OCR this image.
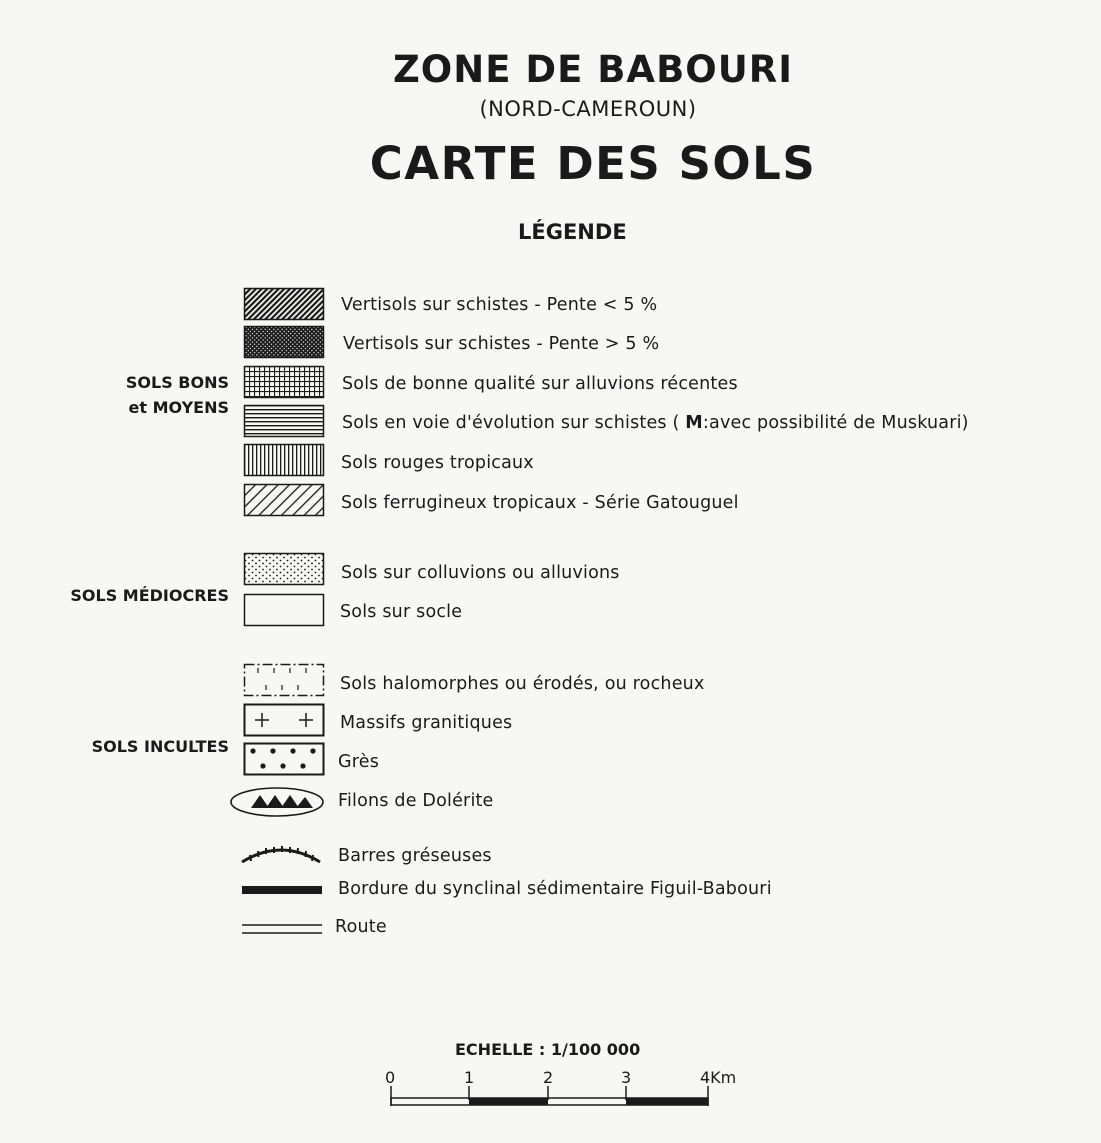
ZONE DE BABOURI
(NORD-CAMEROUN)
CARTE DES SOLS
LÉGENDE
SOLS BONS
et MOYENS
SOLS MÉDIOCRES
SOLS INCULTES
Vertisols sur schistes - Pente < 5 %
Vertisols sur schistes - Pente > 5 %
Sols de bonne qualité sur alluvions récentes
Sols en voie d'évolution sur schistes ( M:avec possibilité de Muskuari)
Sols rouges tropicaux
Sols ferrugineux tropicaux - Série Gatouguel
Sols sur colluvions ou alluvions
Sols sur socle
Sols halomorphes ou érodés, ou rocheux
Massifs granitiques
Grès
Filons de Dolérite
Barres gréseuses
Bordure du synclinal sédimentaire Figuil-Babouri
Route
ECHELLE : 1/100 000
0	1	2	3	4Km
